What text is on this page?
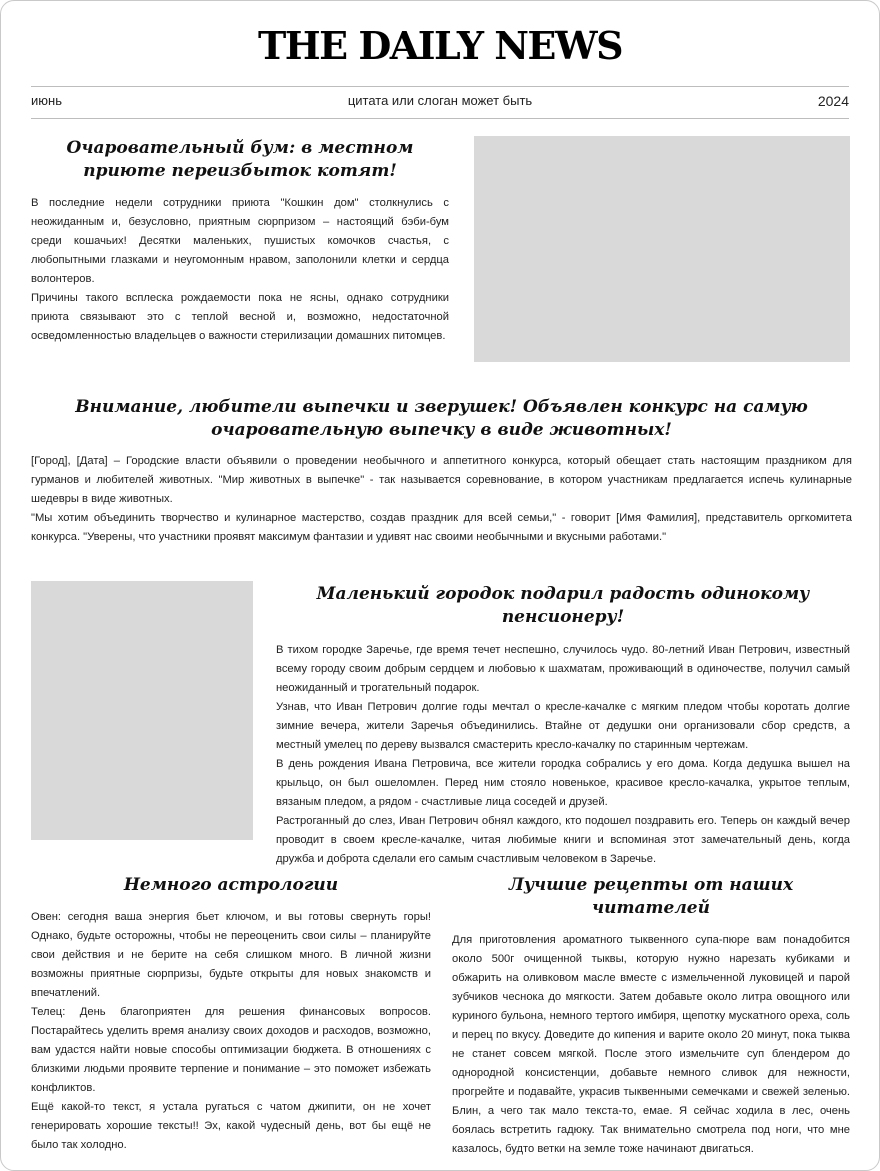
THE DAILY NEWS
июнь	цитата или слоган может быть	2024
Очаровательный бум: в местном приюте переизбыток котят!

В последние недели сотрудники приюта "Кошкин дом" столкнулись с неожиданным и, безусловно, приятным сюрпризом – настоящий бэби-бум среди кошачьих! Десятки маленьких, пушистых комочков счастья, с любопытными глазками и неугомонным нравом, заполонили клетки и сердца волонтеров.

Причины такого всплеска рождаемости пока не ясны, однако сотрудники приюта связывают это с теплой весной и, возможно, недостаточной осведомленностью владельцев о важности стерилизации домашних питомцев.

Внимание, любители выпечки и зверушек! Объявлен конкурс на самую очаровательную выпечку в виде животных!

[Город], [Дата] – Городские власти объявили о проведении необычного и аппетитного конкурса, который обещает стать настоящим праздником для гурманов и любителей животных. "Мир животных в выпечке" - так называется соревнование, в котором участникам предлагается испечь кулинарные шедевры в виде животных.

"Мы хотим объединить творчество и кулинарное мастерство, создав праздник для всей семьи," - говорит [Имя Фамилия], представитель оргкомитета конкурса. "Уверены, что участники проявят максимум фантазии и удивят нас своими необычными и вкусными работами."

Маленький городок подарил радость одинокому пенсионеру!

В тихом городке Заречье, где время течет неспешно, случилось чудо. 80-летний Иван Петрович, известный всему городу своим добрым сердцем и любовью к шахматам, проживающий в одиночестве, получил самый неожиданный и трогательный подарок.

Узнав, что Иван Петрович долгие годы мечтал о кресле-качалке с мягким пледом чтобы коротать долгие зимние вечера, жители Заречья объединились. Втайне от дедушки они организовали сбор средств, а местный умелец по дереву вызвался смастерить кресло-качалку по старинным чертежам.

В день рождения Ивана Петровича, все жители городка собрались у его дома. Когда дедушка вышел на крыльцо, он был ошеломлен. Перед ним стояло новенькое, красивое кресло-качалка, укрытое теплым, вязаным пледом, а рядом - счастливые лица соседей и друзей.

Растроганный до слез, Иван Петрович обнял каждого, кто подошел поздравить его. Теперь он каждый вечер проводит в своем кресле-качалке, читая любимые книги и вспоминая этот замечательный день, когда дружба и доброта сделали его самым счастливым человеком в Заречье.

Немного астрологии

Овен: сегодня ваша энергия бьет ключом, и вы готовы свернуть горы! Однако, будьте осторожны, чтобы не переоценить свои силы – планируйте свои действия и не берите на себя слишком много. В личной жизни возможны приятные сюрпризы, будьте открыты для новых знакомств и впечатлений.

Телец: День благоприятен для решения финансовых вопросов. Постарайтесь уделить время анализу своих доходов и расходов, возможно, вам удастся найти новые способы оптимизации бюджета. В отношениях с близкими людьми проявите терпение и понимание – это поможет избежать конфликтов.

Ещё какой-то текст, я устала ругаться с чатом джипити, он не хочет генерировать хорошие тексты!! Эх, какой чудесный день, вот бы ещё не было так холодно.

Лучшие рецепты от наших читателей

Для приготовления ароматного тыквенного супа-пюре вам понадобится около 500г очищенной тыквы, которую нужно нарезать кубиками и обжарить на оливковом масле вместе с измельченной луковицей и парой зубчиков чеснока до мягкости. Затем добавьте около литра овощного или куриного бульона, немного тертого имбиря, щепотку мускатного ореха, соль и перец по вкусу. Доведите до кипения и варите около 20 минут, пока тыква не станет совсем мягкой. После этого измельчите суп блендером до однородной консистенции, добавьте немного сливок для нежности, прогрейте и подавайте, украсив тыквенными семечками и свежей зеленью. Блин, а чего так мало текста-то, емае. Я сейчас ходила в лес, очень боялась встретить гадюку. Так внимательно смотрела под ноги, что мне казалось, будто ветки на земле тоже начинают двигаться.
